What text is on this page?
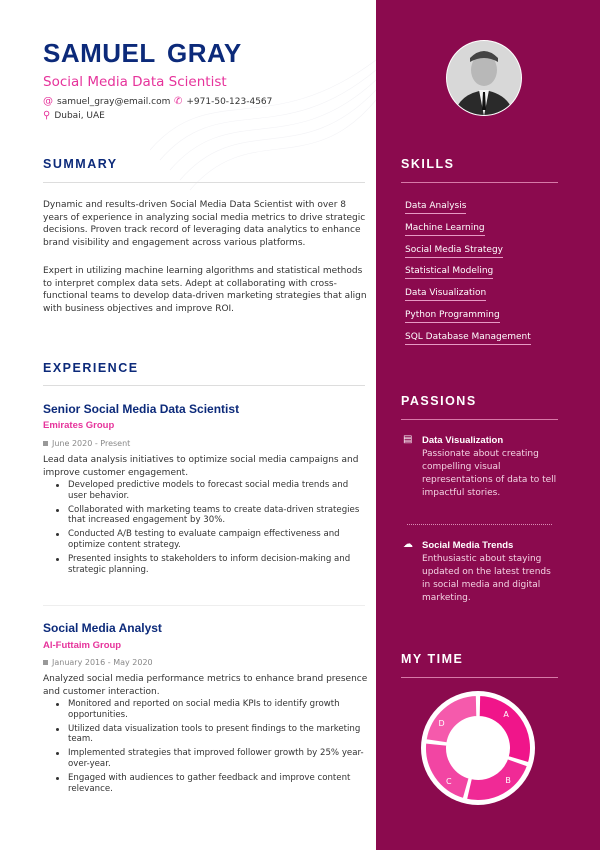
SAMUEL GRAY
Social Media Data Scientist
@ samuel_gray@email.com ✆ +971-50-123-4567
⚲ Dubai, UAE
SUMMARY
Dynamic and results-driven Social Media Data Scientist with over 8 years of experience in analyzing social media metrics to drive strategic decisions. Proven track record of leveraging data analytics to enhance brand visibility and engagement across various platforms.
Expert in utilizing machine learning algorithms and statistical methods to interpret complex data sets. Adept at collaborating with cross-functional teams to develop data-driven marketing strategies that align with business objectives and improve ROI.
EXPERIENCE
Senior Social Media Data Scientist
Emirates Group
June 2020 - Present
Lead data analysis initiatives to optimize social media campaigns and improve customer engagement.
Developed predictive models to forecast social media trends and user behavior.
Collaborated with marketing teams to create data-driven strategies that increased engagement by 30%.
Conducted A/B testing to evaluate campaign effectiveness and optimize content strategy.
Presented insights to stakeholders to inform decision-making and strategic planning.
Social Media Analyst
Al-Futtaim Group
January 2016 - May 2020
Analyzed social media performance metrics to enhance brand presence and customer interaction.
Monitored and reported on social media KPIs to identify growth opportunities.
Utilized data visualization tools to present findings to the marketing team.
Implemented strategies that improved follower growth by 25% year-over-year.
Engaged with audiences to gather feedback and improve content relevance.
SKILLS
Data Analysis
Machine Learning
Social Media Strategy
Statistical Modeling
Data Visualization
Python Programming
SQL Database Management
PASSIONS
▤ Data Visualization
Passionate about creating compelling visual representations of data to tell impactful stories.
☁ Social Media Trends
Enthusiastic about staying updated on the latest trends in social media and digital marketing.
MY TIME
A
B
C
D
